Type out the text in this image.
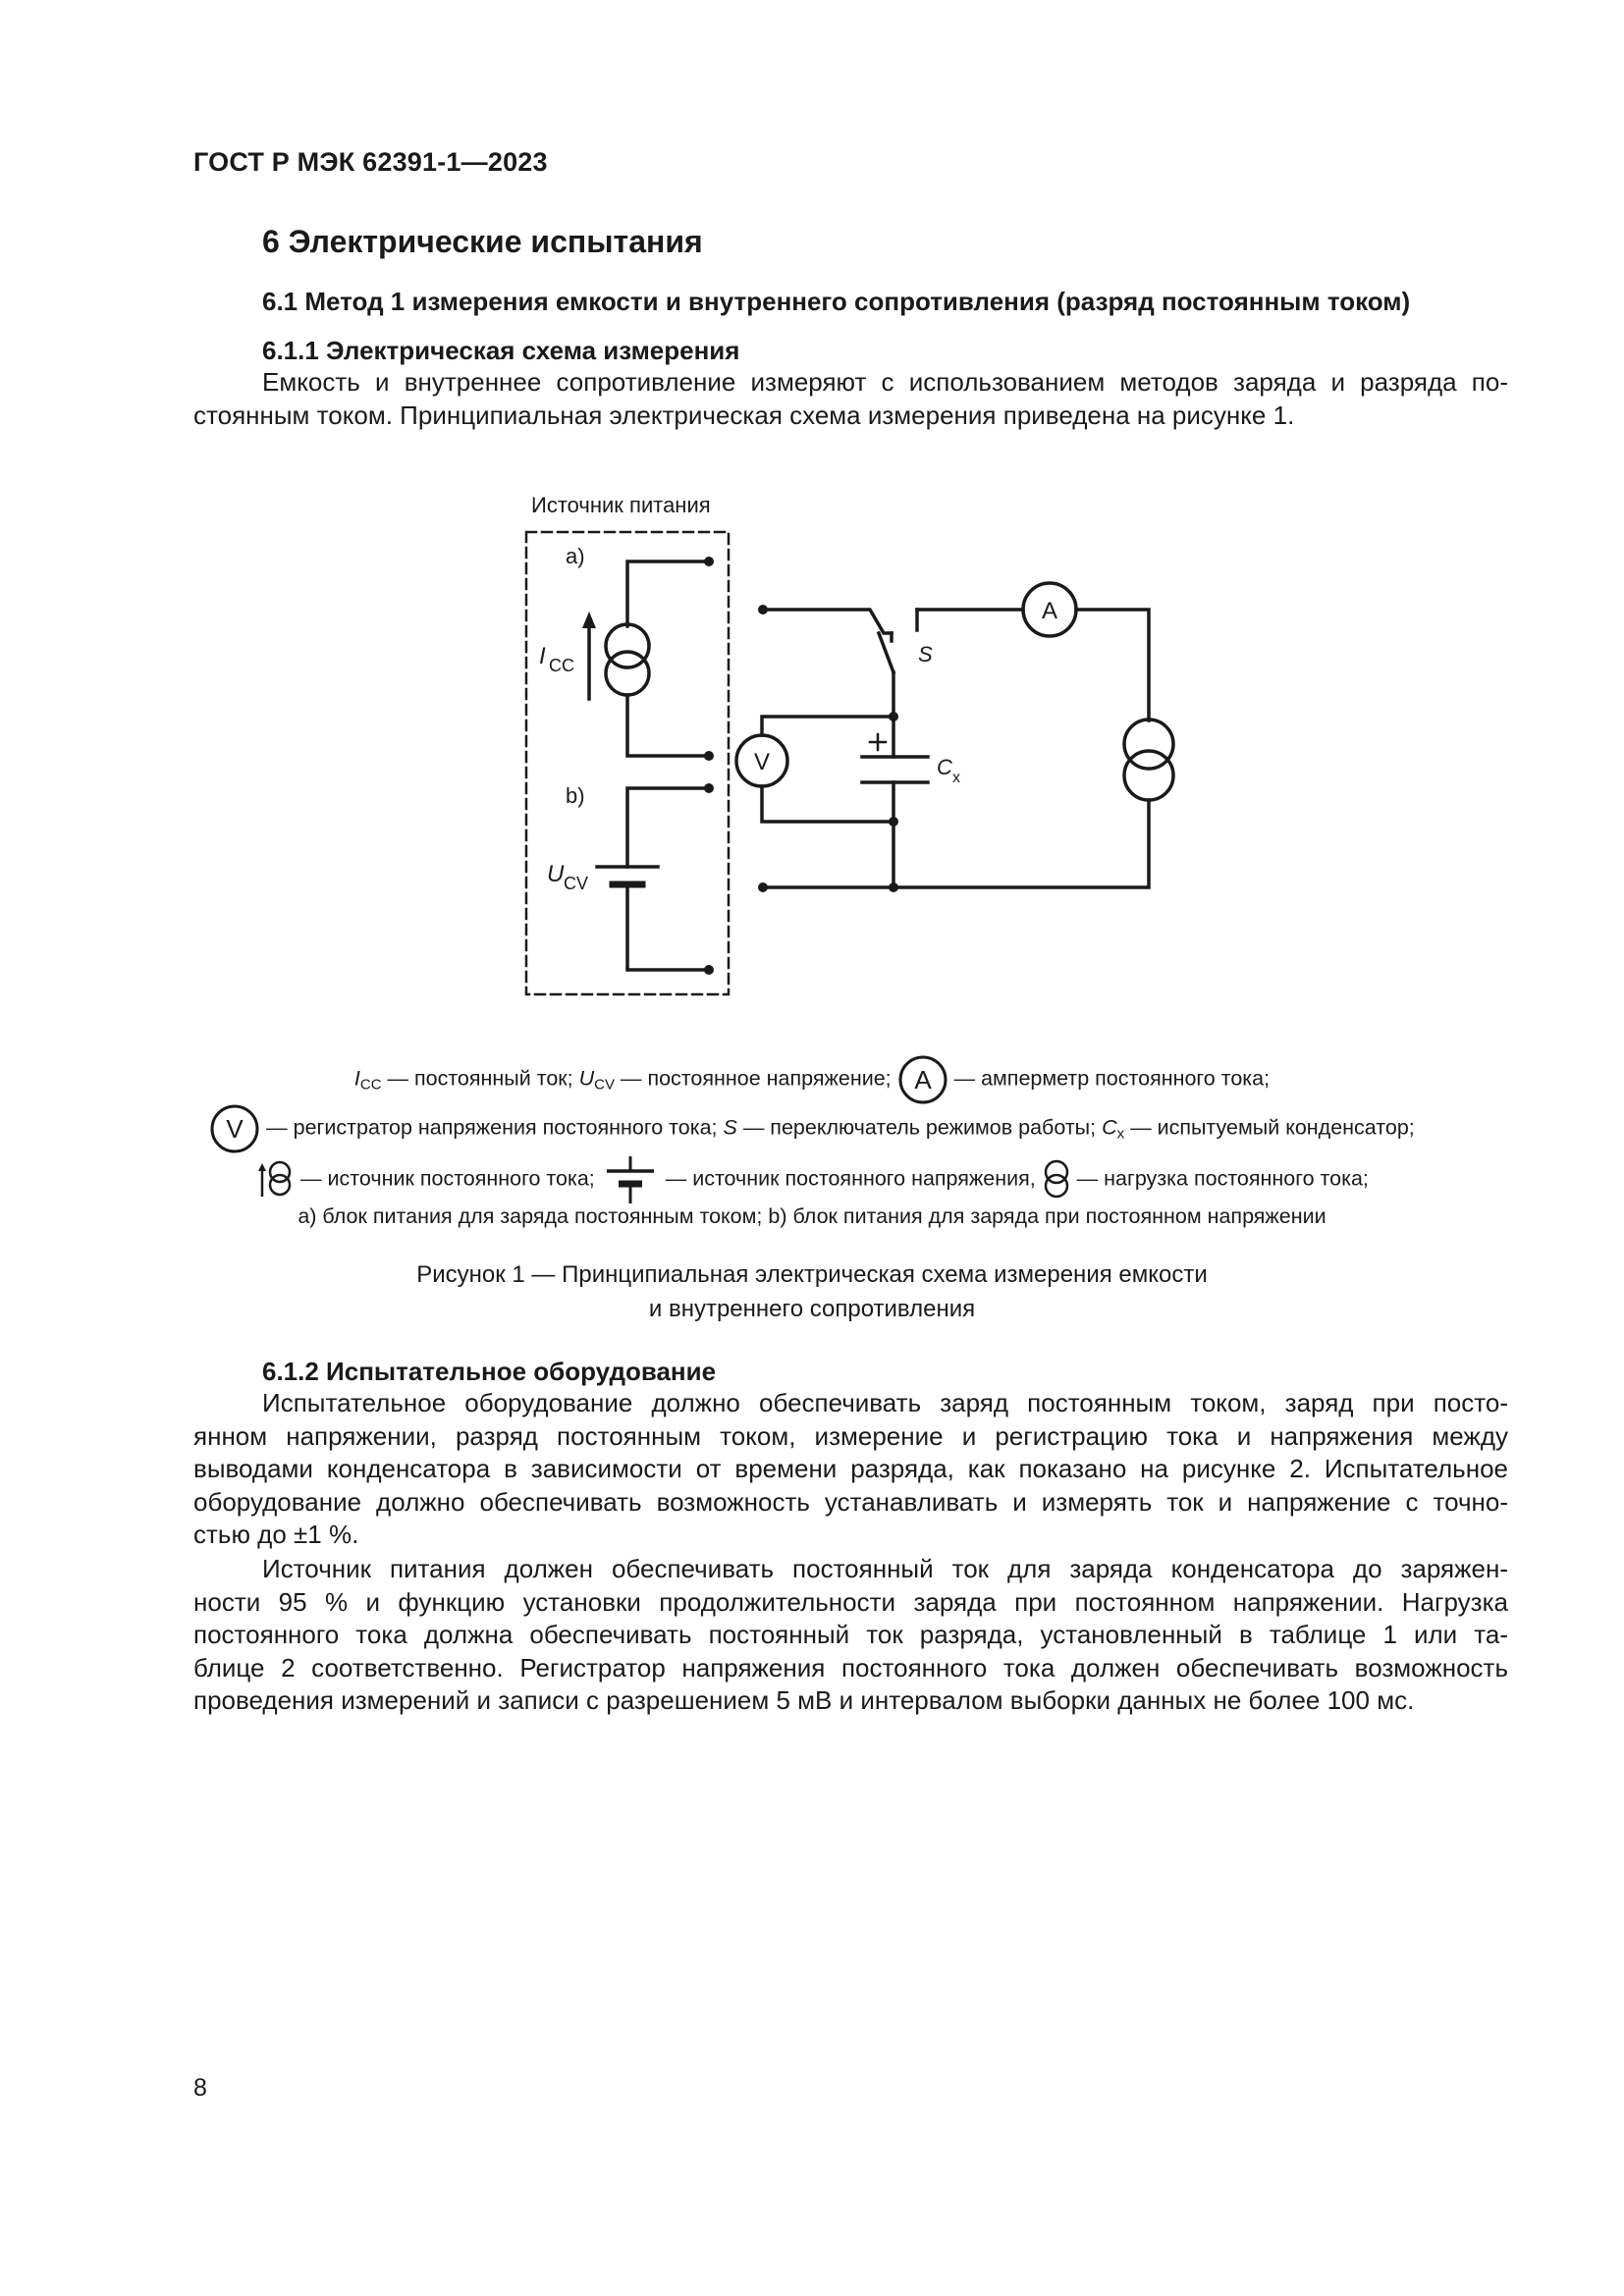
ГОСТ Р МЭК 62391-1—2023
6 Электрические испытания
6.1 Метод 1 измерения емкости и внутреннего сопротивления (разряд постоянным током)
6.1.1 Электрическая схема измерения
Емкость и внутреннее сопротивление измеряют с использованием методов заряда и разряда по-
стоянным током. Принципиальная электрическая схема измерения приведена на рисунке 1.
Источник питания
a)
b)
I CC
U CV
S
C x
A
V
$I_{CC}$ — постоянный ток; $U_{CV}$ — постоянное напряжение; A — амперметр постоянного тока;
V — регистратор напряжения постоянного тока; S — переключатель режимов работы; $C_x$ — испытуемый конденсатор;
— источник постоянного тока;	— источник постоянного напряжения,  — нагрузка постоянного тока;
a) блок питания для заряда постоянным током; b) блок питания для заряда при постоянном напряжении
Рисунок 1 — Принципиальная электрическая схема измерения емкости
и внутреннего сопротивления
6.1.2 Испытательное оборудование
Испытательное оборудование должно обеспечивать заряд постоянным током, заряд при посто-
янном напряжении, разряд постоянным током, измерение и регистрацию тока и напряжения между
выводами конденсатора в зависимости от времени разряда, как показано на рисунке 2. Испытательное
оборудование должно обеспечивать возможность устанавливать и измерять ток и напряжение с точно-
стью до ±1 %.
Источник питания должен обеспечивать постоянный ток для заряда конденсатора до заряжен-
ности 95 % и функцию установки продолжительности заряда при постоянном напряжении. Нагрузка
постоянного тока должна обеспечивать постоянный ток разряда, установленный в таблице 1 или та-
блице 2 соответственно. Регистратор напряжения постоянного тока должен обеспечивать возможность
проведения измерений и записи с разрешением 5 мВ и интервалом выборки данных не более 100 мс.
8
